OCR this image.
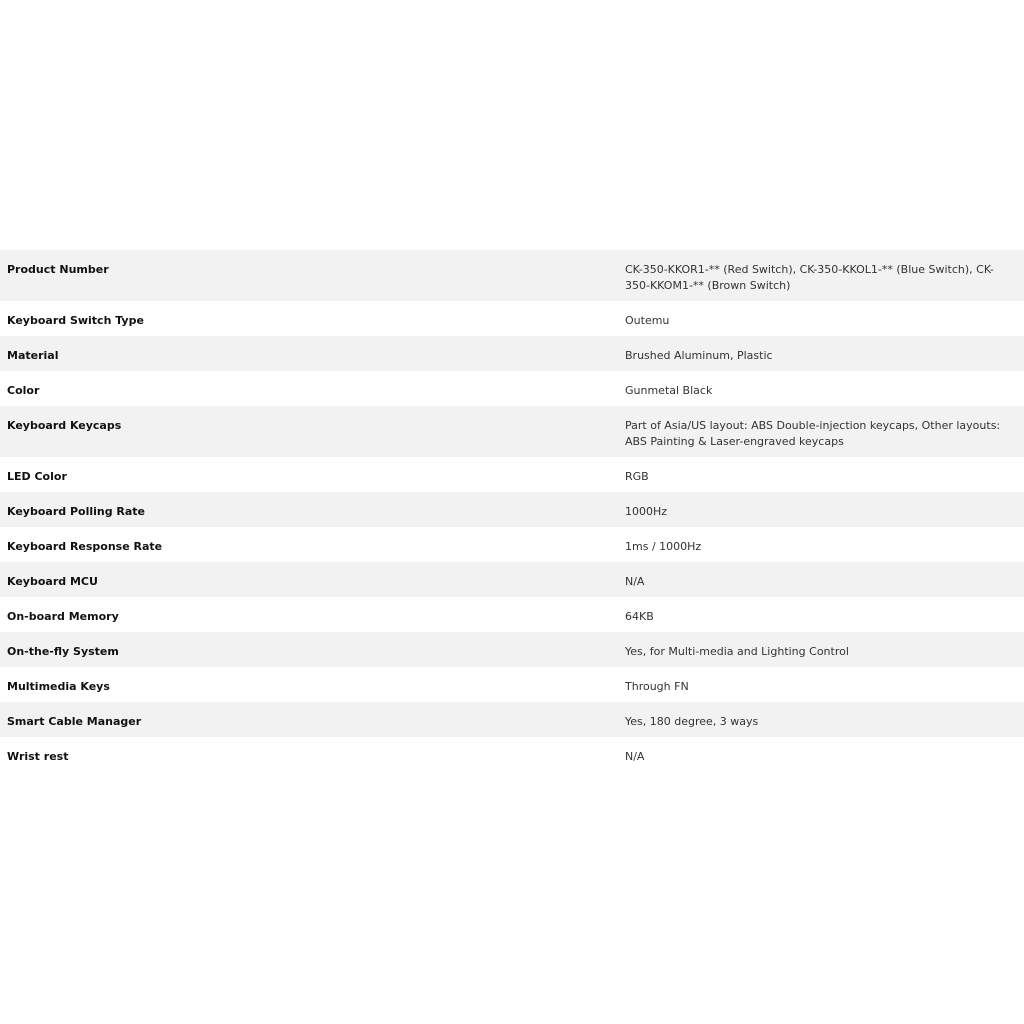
Product Number	CK-350-KKOR1-** (Red Switch), CK-350-KKOL1-** (Blue Switch), CK-350-KKOM1-** (Brown Switch)
Keyboard Switch Type	Outemu
Material	Brushed Aluminum, Plastic
Color	Gunmetal Black
Keyboard Keycaps	Part of Asia/US layout: ABS Double-injection keycaps, Other layouts: ABS Painting & Laser-engraved keycaps
LED Color	RGB
Keyboard Polling Rate	1000Hz
Keyboard Response Rate	1ms / 1000Hz
Keyboard MCU	N/A
On-board Memory	64KB
On-the-fly System	Yes, for Multi-media and Lighting Control
Multimedia Keys	Through FN
Smart Cable Manager	Yes, 180 degree, 3 ways
Wrist rest	N/A
